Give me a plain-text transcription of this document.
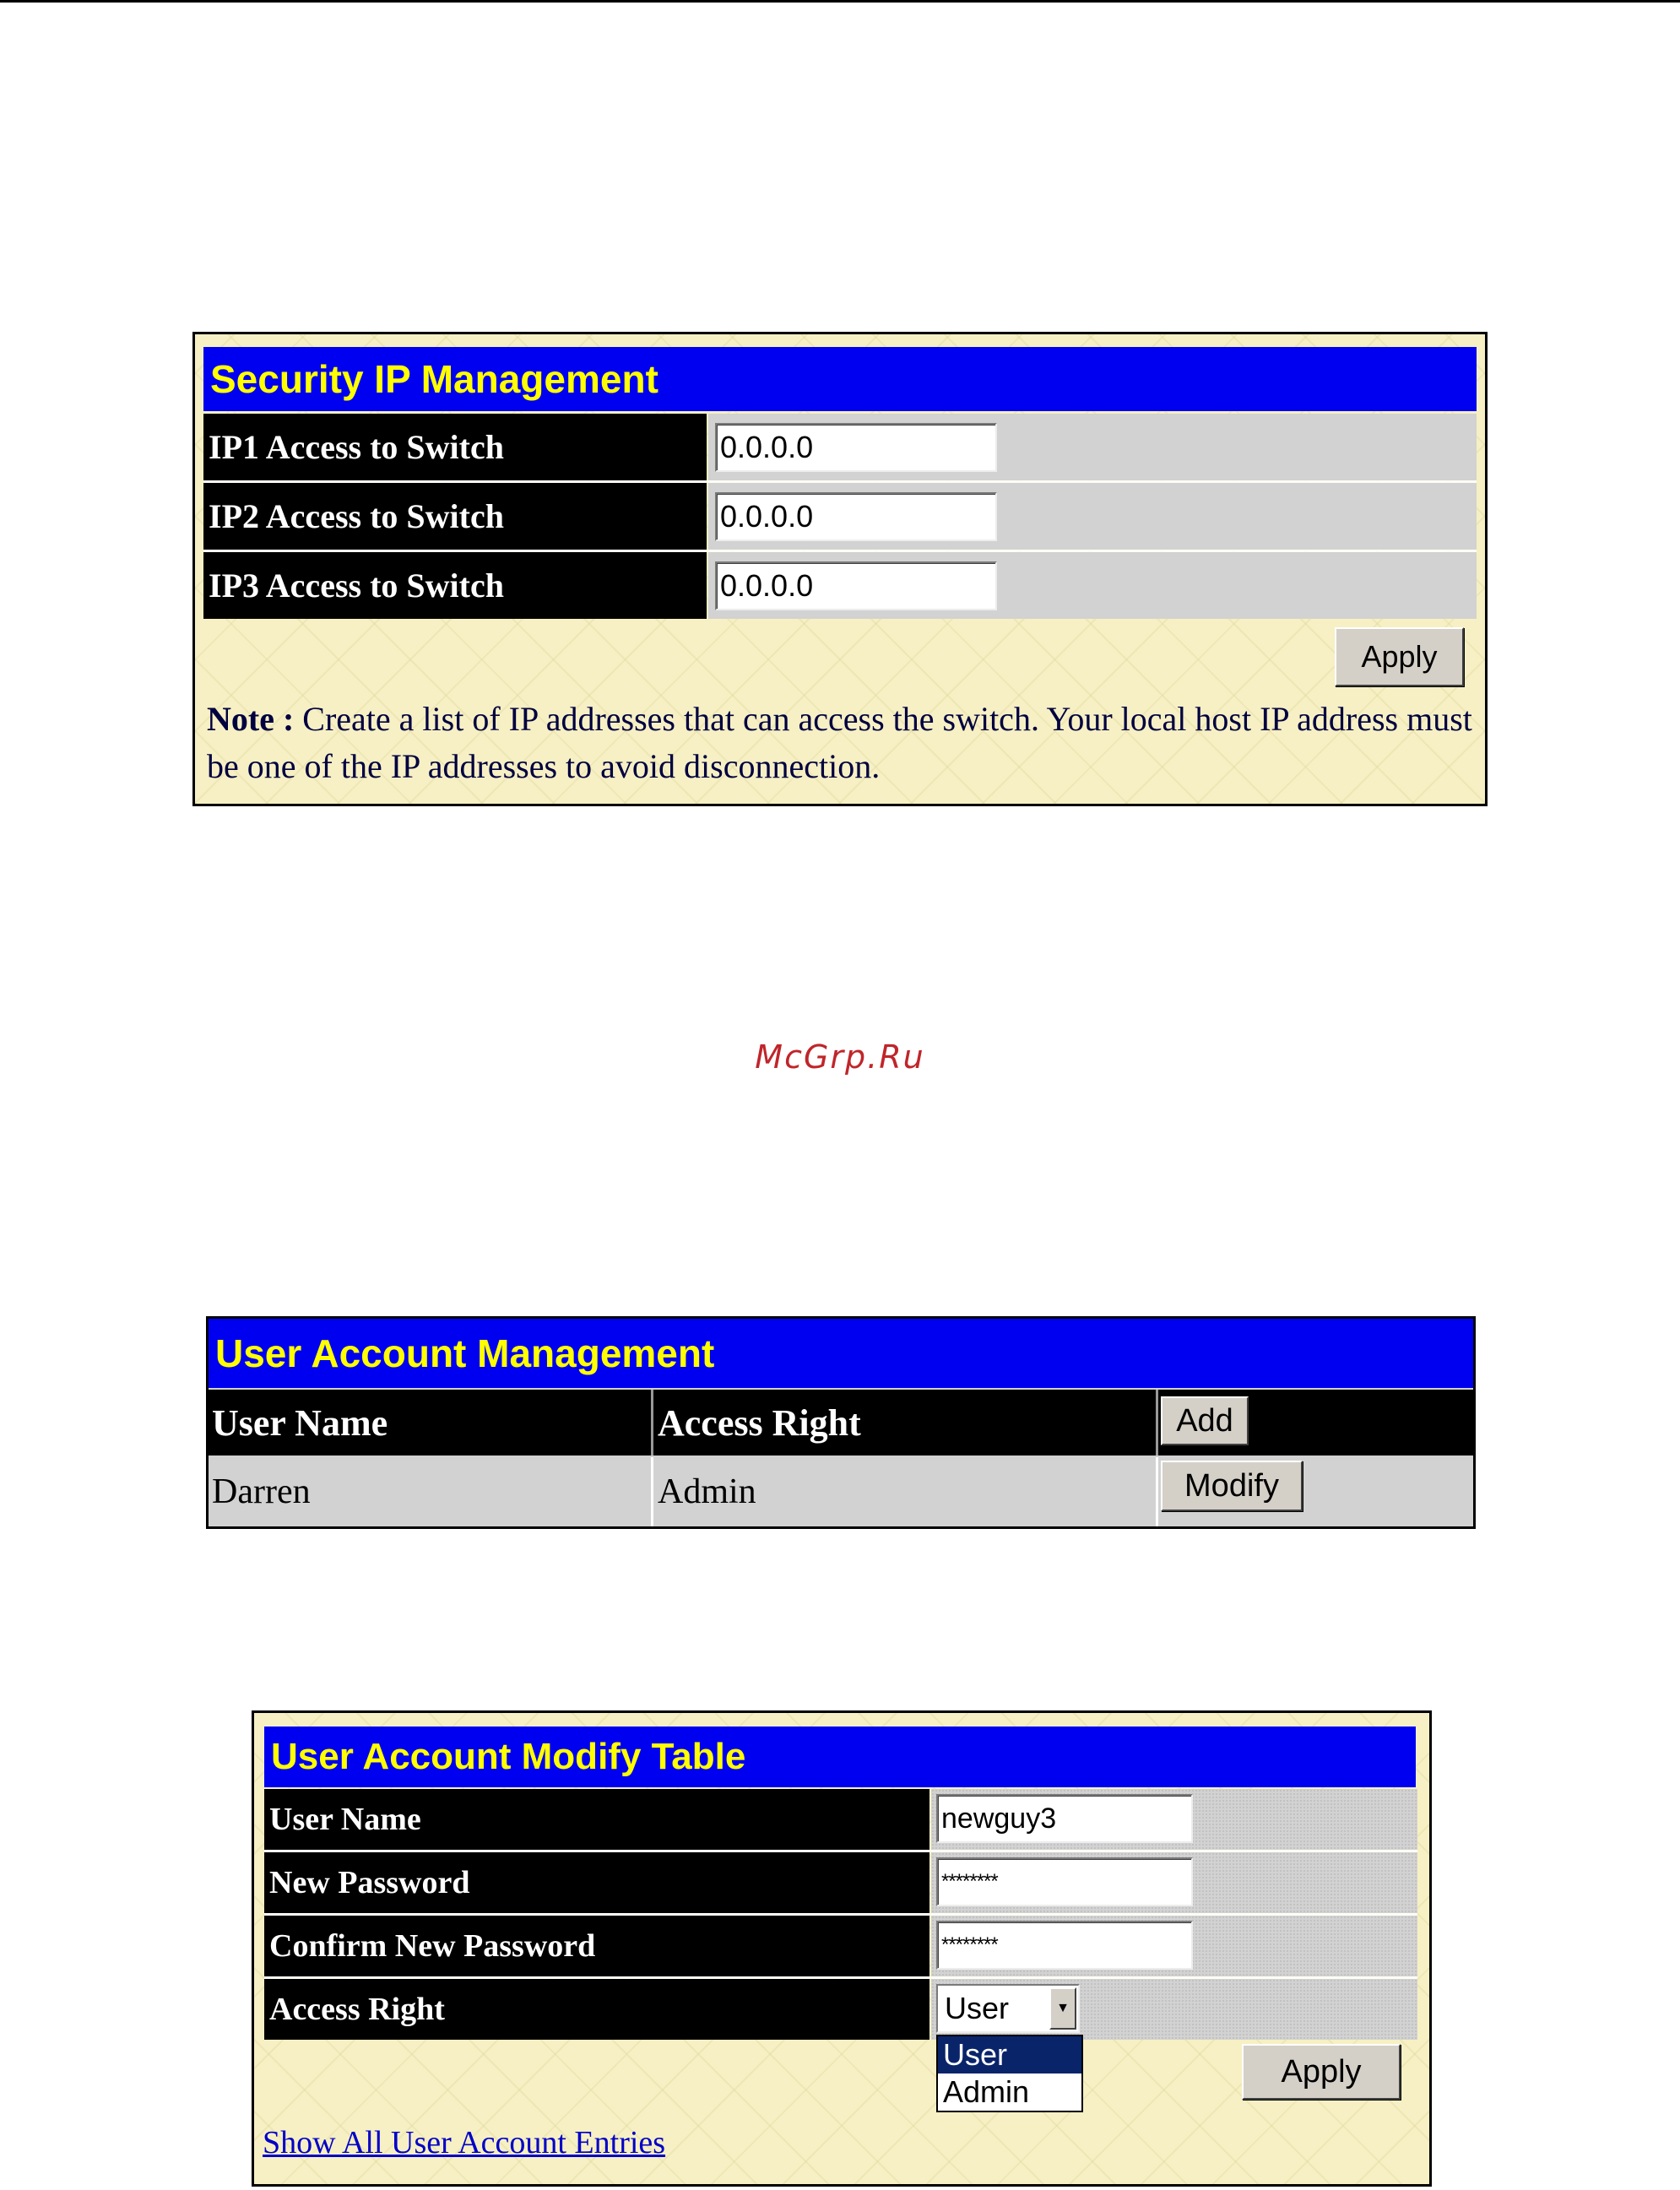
Security IP Management
IP1 Access to Switch	0.0.0.0
IP2 Access to Switch	0.0.0.0
IP3 Access to Switch	0.0.0.0
Apply
Note : Create a list of IP addresses that can access the switch. Your local host IP address must be one of the IP addresses to avoid disconnection.
McGrp.Ru
User Account Management
User Name	Access Right	Add
Darren	Admin	Modify
User Account Modify Table
User Name	newguy3
New Password	********
Confirm New Password	********
Access Right	User	▼
User
Admin
Apply
Show All User Account Entries
